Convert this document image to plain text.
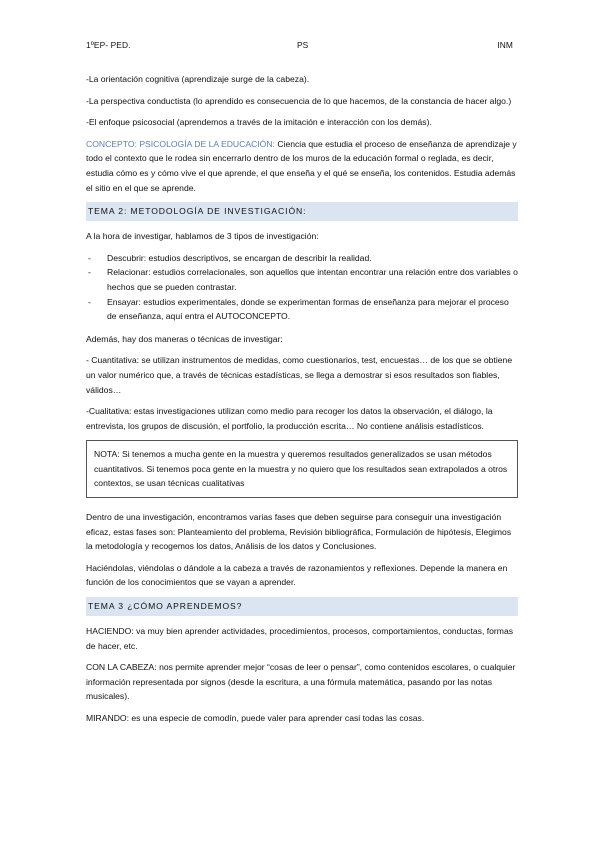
1ºEP- PED.	PS	INM

-La orientación cognitiva (aprendizaje surge de la cabeza).

-La perspectiva conductista (lo aprendido es consecuencia de lo que hacemos, de la constancia de hacer algo.)

-El enfoque psicosocial (aprendemos a través de la imitación e interacción con los demás).

CONCEPTO: PSICOLOGÍA DE LA EDUCACIÓN: Ciencia que estudia el proceso de enseñanza de aprendizaje y todo el contexto que le rodea sin encerrarlo dentro de los muros de la educación formal o reglada, es decir, estudia cómo es y cómo vive el que aprende, el que enseña y el qué se enseña, los contenidos. Estudia además el sitio en el que se aprende.

TEMA 2: METODOLOGÍA DE INVESTIGACIÓN:

A la hora de investigar, hablamos de 3 tipos de investigación:

- Descubrir: estudios descriptivos, se encargan de describir la realidad.
- Relacionar: estudios correlacionales, son aquellos que intentan encontrar una relación entre dos variables o hechos que se pueden contrastar.
- Ensayar: estudios experimentales, donde se experimentan formas de enseñanza para mejorar el proceso de enseñanza, aquí entra el AUTOCONCEPTO.

Además, hay dos maneras o técnicas de investigar:

- Cuantitativa: se utilizan instrumentos de medidas, como cuestionarios, test, encuestas… de los que se obtiene un valor numérico que, a través de técnicas estadísticas, se llega a demostrar si esos resultados son fiables, válidos…

-Cualitativa: estas investigaciones utilizan como medio para recoger los datos la observación, el diálogo, la entrevista, los grupos de discusión, el portfolio, la producción escrita… No contiene análisis estadísticos.

NOTA: Si tenemos a mucha gente en la muestra y queremos resultados generalizados se usan métodos cuantitativos. Si tenemos poca gente en la muestra y no quiero que los resultados sean extrapolados a otros contextos, se usan técnicas cualitativas

Dentro de una investigación, encontramos varias fases que deben seguirse para conseguir una investigación eficaz, estas fases son: Planteamiento del problema, Revisión bibliográfica, Formulación de hipótesis, Elegimos la metodología y recogemos los datos, Análisis de los datos y Conclusiones.

Haciéndolas, viéndolas o dándole a la cabeza a través de razonamientos y reflexiones. Depende la manera en función de los conocimientos que se vayan a aprender.

TEMA 3 ¿CÓMO APRENDEMOS?

HACIENDO: va muy bien aprender actividades, procedimientos, procesos, comportamientos, conductas, formas de hacer, etc.

CON LA CABEZA: nos permite aprender mejor “cosas de leer o pensar”, como contenidos escolares, o cualquier información representada por signos (desde la escritura, a una fórmula matemática, pasando por las notas musicales).

MIRANDO: es una especie de comodín, puede valer para aprender casi todas las cosas.
